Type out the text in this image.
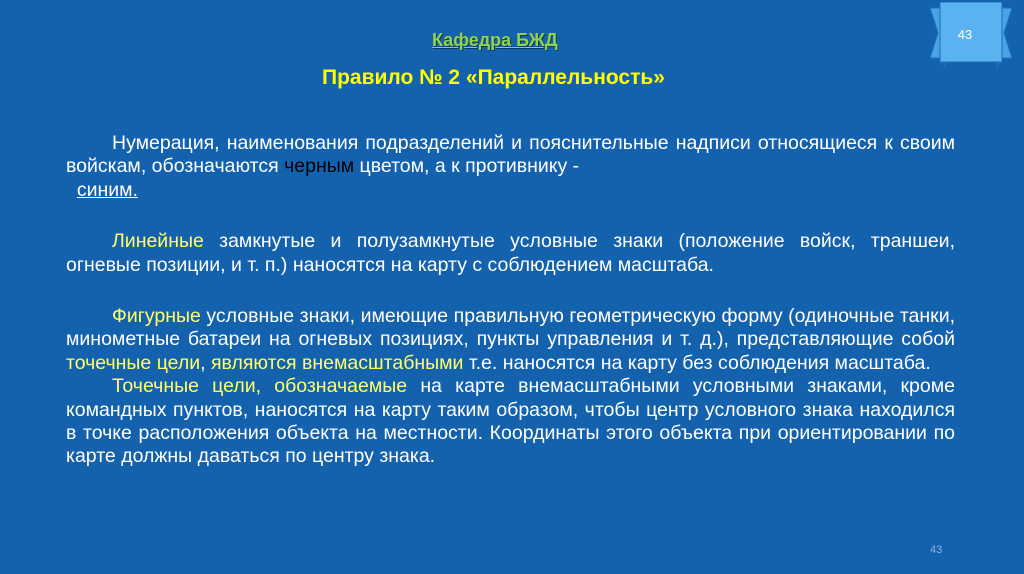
Кафедра БЖД
Правило № 2 «Параллельность»
43

Нумерация, наименования подразделений и пояснительные надписи относящиеся к своим войскам, обозначаются черным цветом, а к противнику -
синим.

Линейные замкнутые и полузамкнутые условные знаки (положение войск, траншеи, огневые позиции, и т. п.) наносятся на карту с соблюдением масштаба.

Фигурные условные знаки, имеющие правильную геометрическую форму (одиночные танки, минометные батареи на огневых позициях, пункты управления и т. д.), представляющие собой точечные цели, являются внемасштабными т.е. наносятся на карту без соблюдения масштаба.

Точечные цели, обозначаемые на карте внемасштабными условными знаками, кроме командных пунктов, наносятся на карту таким образом, чтобы центр условного знака находился в точке расположения объекта на местности. Координаты этого объекта при ориентировании по карте должны даваться по центру знака.

43
